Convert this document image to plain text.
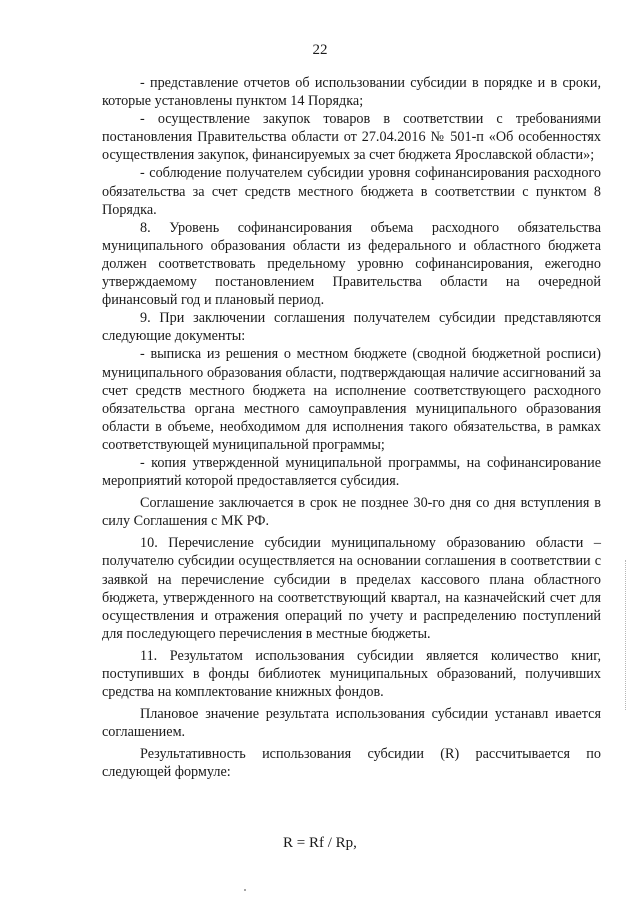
22

- представление отчетов об использовании субсидии в порядке и в сроки, которые установлены пунктом 14 Порядка;

- осуществление закупок товаров в соответствии с требованиями постановления Правительства области от 27.04.2016 № 501-п «Об особенностях осуществления закупок, финансируемых за счет бюджета Ярославской области»;

- соблюдение получателем субсидии уровня софинансирования расходного обязательства за счет средств местного бюджета в соответствии с пунктом 8 Порядка.

8. Уровень софинансирования объема расходного обязательства муниципального образования области из федерального и областного бюджета должен соответствовать предельному уровню софинансирования, ежегодно утверждаемому постановлением Правительства области на очередной финансовый год и плановый период.

9. При заключении соглашения получателем субсидии представляются следующие документы:

- выписка из решения о местном бюджете (сводной бюджетной росписи) муниципального образования области, подтверждающая наличие ассигнований за счет средств местного бюджета на исполнение соответствующего расходного обязательства органа местного самоуправления муниципального образования области в объеме, необходимом для исполнения такого обязательства, в рамках соответствующей муниципальной программы;

- копия утвержденной муниципальной программы, на софинансирование мероприятий которой предоставляется субсидия.

Соглашение заключается в срок не позднее 30-го дня со дня вступления в силу Соглашения с МК РФ.

10. Перечисление субсидии муниципальному образованию области – получателю субсидии осуществляется на основании соглашения в соответствии с заявкой на перечисление субсидии в пределах кассового плана областного бюджета, утвержденного на соответствующий квартал, на казначейский счет для осуществления и отражения операций по учету и распределению поступлений для последующего перечисления в местные бюджеты.

11. Результатом использования субсидии является количество книг, поступивших в фонды библиотек муниципальных образований, получивших средства на комплектование книжных фондов.

Плановое значение результата использования субсидии устанавл ивается соглашением.

Результативность использования субсидии (R) рассчитывается по следующей формуле:

R = Rf / Rp,
